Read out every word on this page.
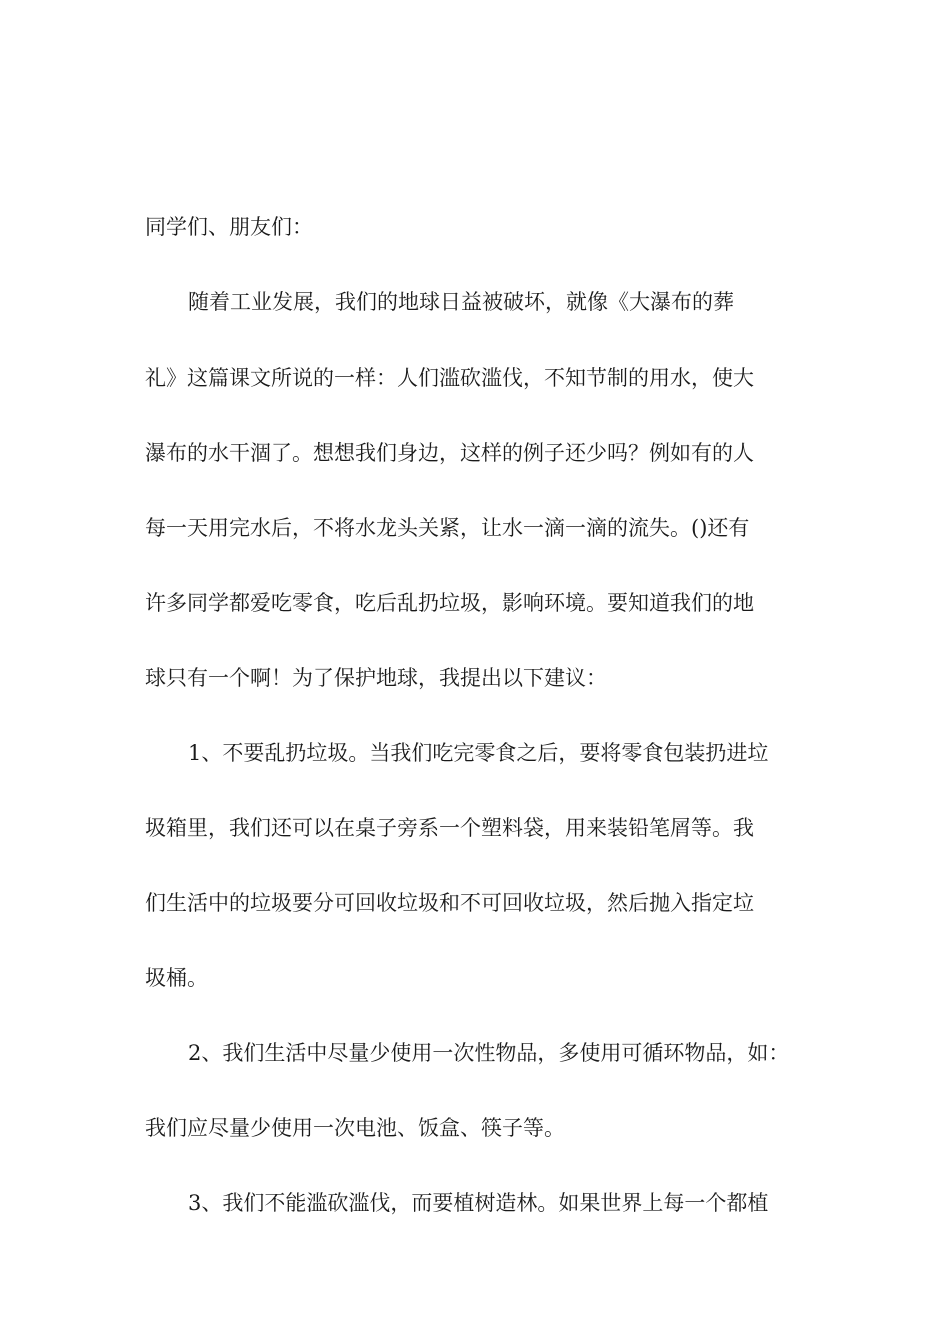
同学们、朋友们：
随着工业发展，我们的地球日益被破坏，就像《大瀑布的葬
礼》这篇课文所说的一样：人们滥砍滥伐，不知节制的用水，使大
瀑布的水干涸了。想想我们身边，这样的例子还少吗？例如有的人
每一天用完水后，不将水龙头关紧，让水一滴一滴的流失。()还有
许多同学都爱吃零食，吃后乱扔垃圾，影响环境。要知道我们的地
球只有一个啊！为了保护地球，我提出以下建议：
1、不要乱扔垃圾。当我们吃完零食之后，要将零食包装扔进垃
圾箱里，我们还可以在桌子旁系一个塑料袋，用来装铅笔屑等。我
们生活中的垃圾要分可回收垃圾和不可回收垃圾，然后抛入指定垃
圾桶。
2、我们生活中尽量少使用一次性物品，多使用可循环物品，如：
我们应尽量少使用一次电池、饭盒、筷子等。
3、我们不能滥砍滥伐，而要植树造林。如果世界上每一个都植
